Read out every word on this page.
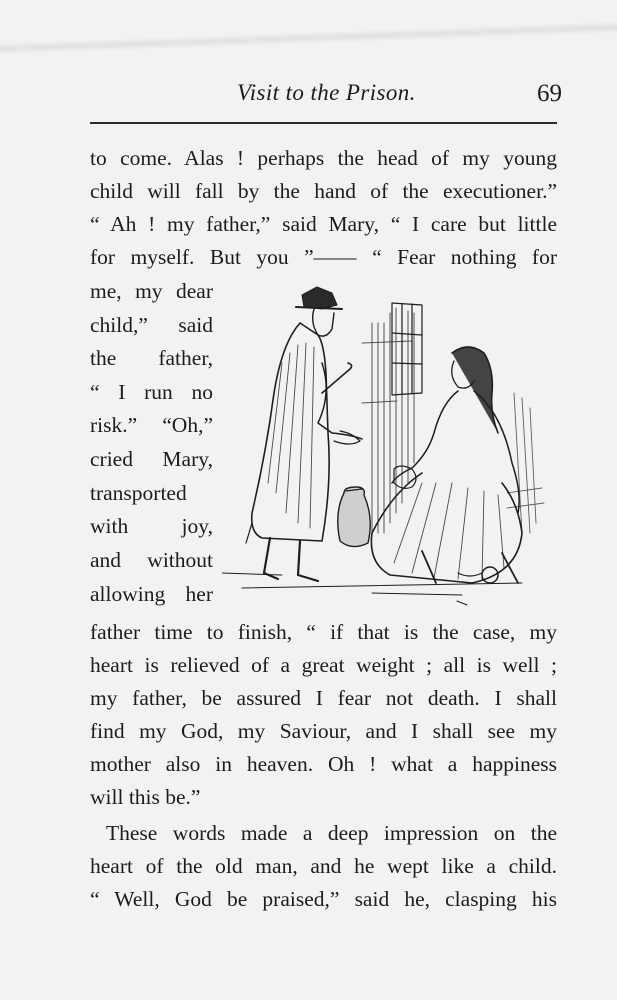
Visit to the Prison.	69
to come. Alas ! perhaps the head of my young
child will fall by the hand of the executioner.”
“ Ah ! my father,” said Mary, “ I care but little
for myself. But you ”—— “ Fear nothing for
me, my dear
child,” said
the father,
“ I run no
risk.” “Oh,”
cried Mary,
transported
with joy,
and without
allowing her
father time to finish, “ if that is the case, my
heart is relieved of a great weight ; all is well ;
my father, be assured I fear not death. I shall
find my God, my Saviour, and I shall see my
mother also in heaven. Oh ! what a happiness
will this be.”
These words made a deep impression on the
heart of the old man, and he wept like a child.
“ Well, God be praised,” said he, clasping his
